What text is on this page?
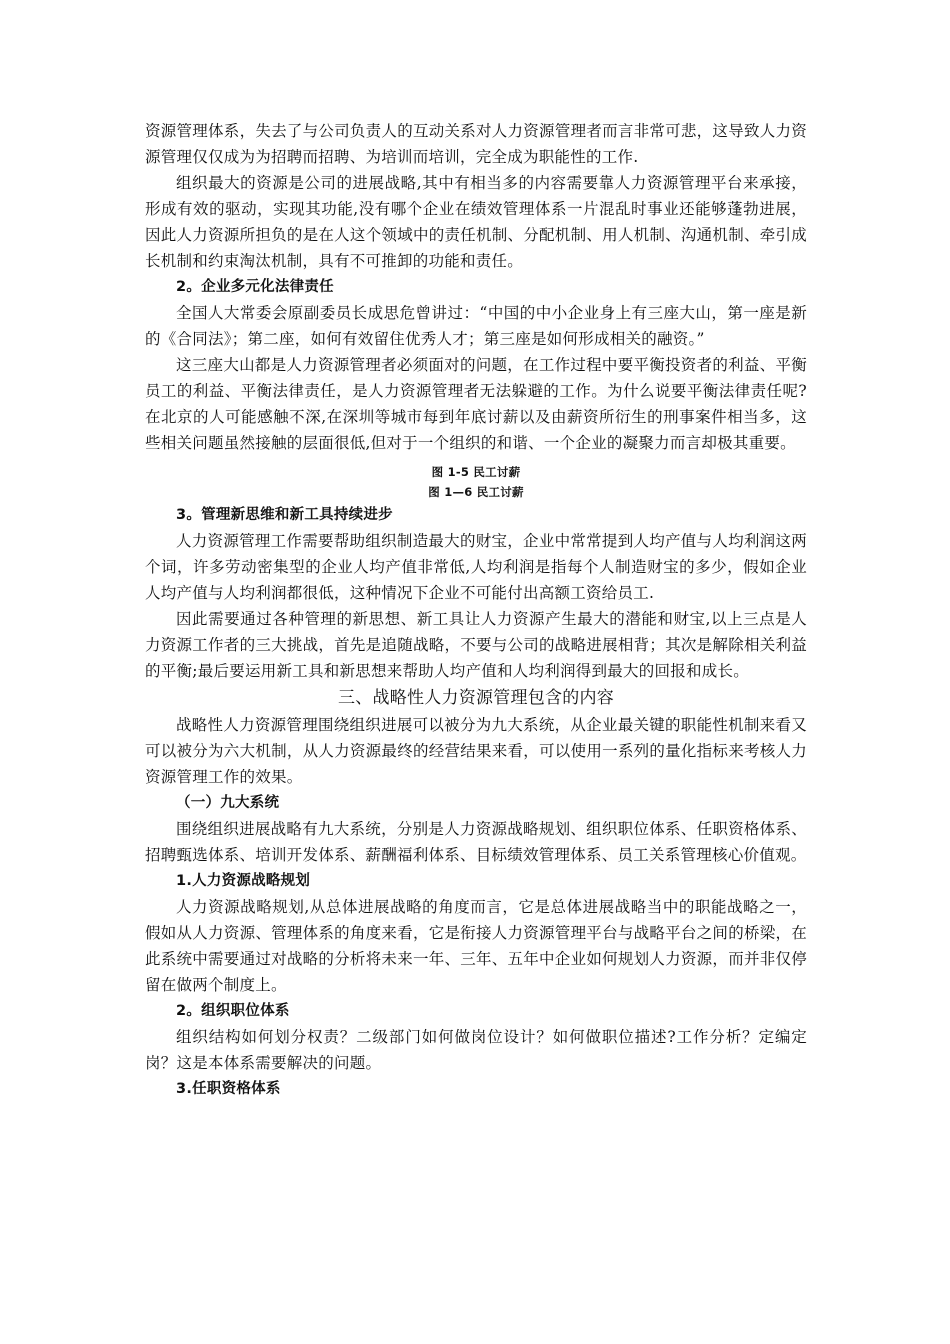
资源管理体系，失去了与公司负责人的互动关系对人力资源管理者而言非常可悲，这导致人力资源管理仅仅成为为招聘而招聘、为培训而培训，完全成为职能性的工作.

组织最大的资源是公司的进展战略,其中有相当多的内容需要靠人力资源管理平台来承接，形成有效的驱动，实现其功能,没有哪个企业在绩效管理体系一片混乱时事业还能够蓬勃进展，因此人力资源所担负的是在人这个领域中的责任机制、分配机制、用人机制、沟通机制、牵引成长机制和约束淘汰机制，具有不可推卸的功能和责任。

2。企业多元化法律责任

全国人大常委会原副委员长成思危曾讲过：“中国的中小企业身上有三座大山，第一座是新的《合同法》；第二座，如何有效留住优秀人才；第三座是如何形成相关的融资。”

这三座大山都是人力资源管理者必须面对的问题，在工作过程中要平衡投资者的利益、平衡员工的利益、平衡法律责任，是人力资源管理者无法躲避的工作。为什么说要平衡法律责任呢?在北京的人可能感触不深,在深圳等城市每到年底讨薪以及由薪资所衍生的刑事案件相当多，这些相关问题虽然接触的层面很低,但对于一个组织的和谐、一个企业的凝聚力而言却极其重要。

图 1-5 民工讨薪

图 1—6 民工讨薪

3。管理新思维和新工具持续进步

人力资源管理工作需要帮助组织制造最大的财宝，企业中常常提到人均产值与人均利润这两个词，许多劳动密集型的企业人均产值非常低,人均利润是指每个人制造财宝的多少，假如企业人均产值与人均利润都很低，这种情况下企业不可能付出高额工资给员工.

因此需要通过各种管理的新思想、新工具让人力资源产生最大的潜能和财宝,以上三点是人力资源工作者的三大挑战，首先是追随战略，不要与公司的战略进展相背；其次是解除相关利益的平衡;最后要运用新工具和新思想来帮助人均产值和人均利润得到最大的回报和成长。

三、战略性人力资源管理包含的内容

战略性人力资源管理围绕组织进展可以被分为九大系统，从企业最关键的职能性机制来看又可以被分为六大机制，从人力资源最终的经营结果来看，可以使用一系列的量化指标来考核人力资源管理工作的效果。

（一）九大系统

围绕组织进展战略有九大系统，分别是人力资源战略规划、组织职位体系、任职资格体系、招聘甄选体系、培训开发体系、薪酬福利体系、目标绩效管理体系、员工关系管理核心价值观。

1.人力资源战略规划

人力资源战略规划,从总体进展战略的角度而言，它是总体进展战略当中的职能战略之一，假如从人力资源、管理体系的角度来看，它是衔接人力资源管理平台与战略平台之间的桥梁，在此系统中需要通过对战略的分析将未来一年、三年、五年中企业如何规划人力资源，而并非仅停留在做两个制度上。

2。组织职位体系

组织结构如何划分权责？二级部门如何做岗位设计？如何做职位描述?工作分析？定编定岗？这是本体系需要解决的问题。

3.任职资格体系
